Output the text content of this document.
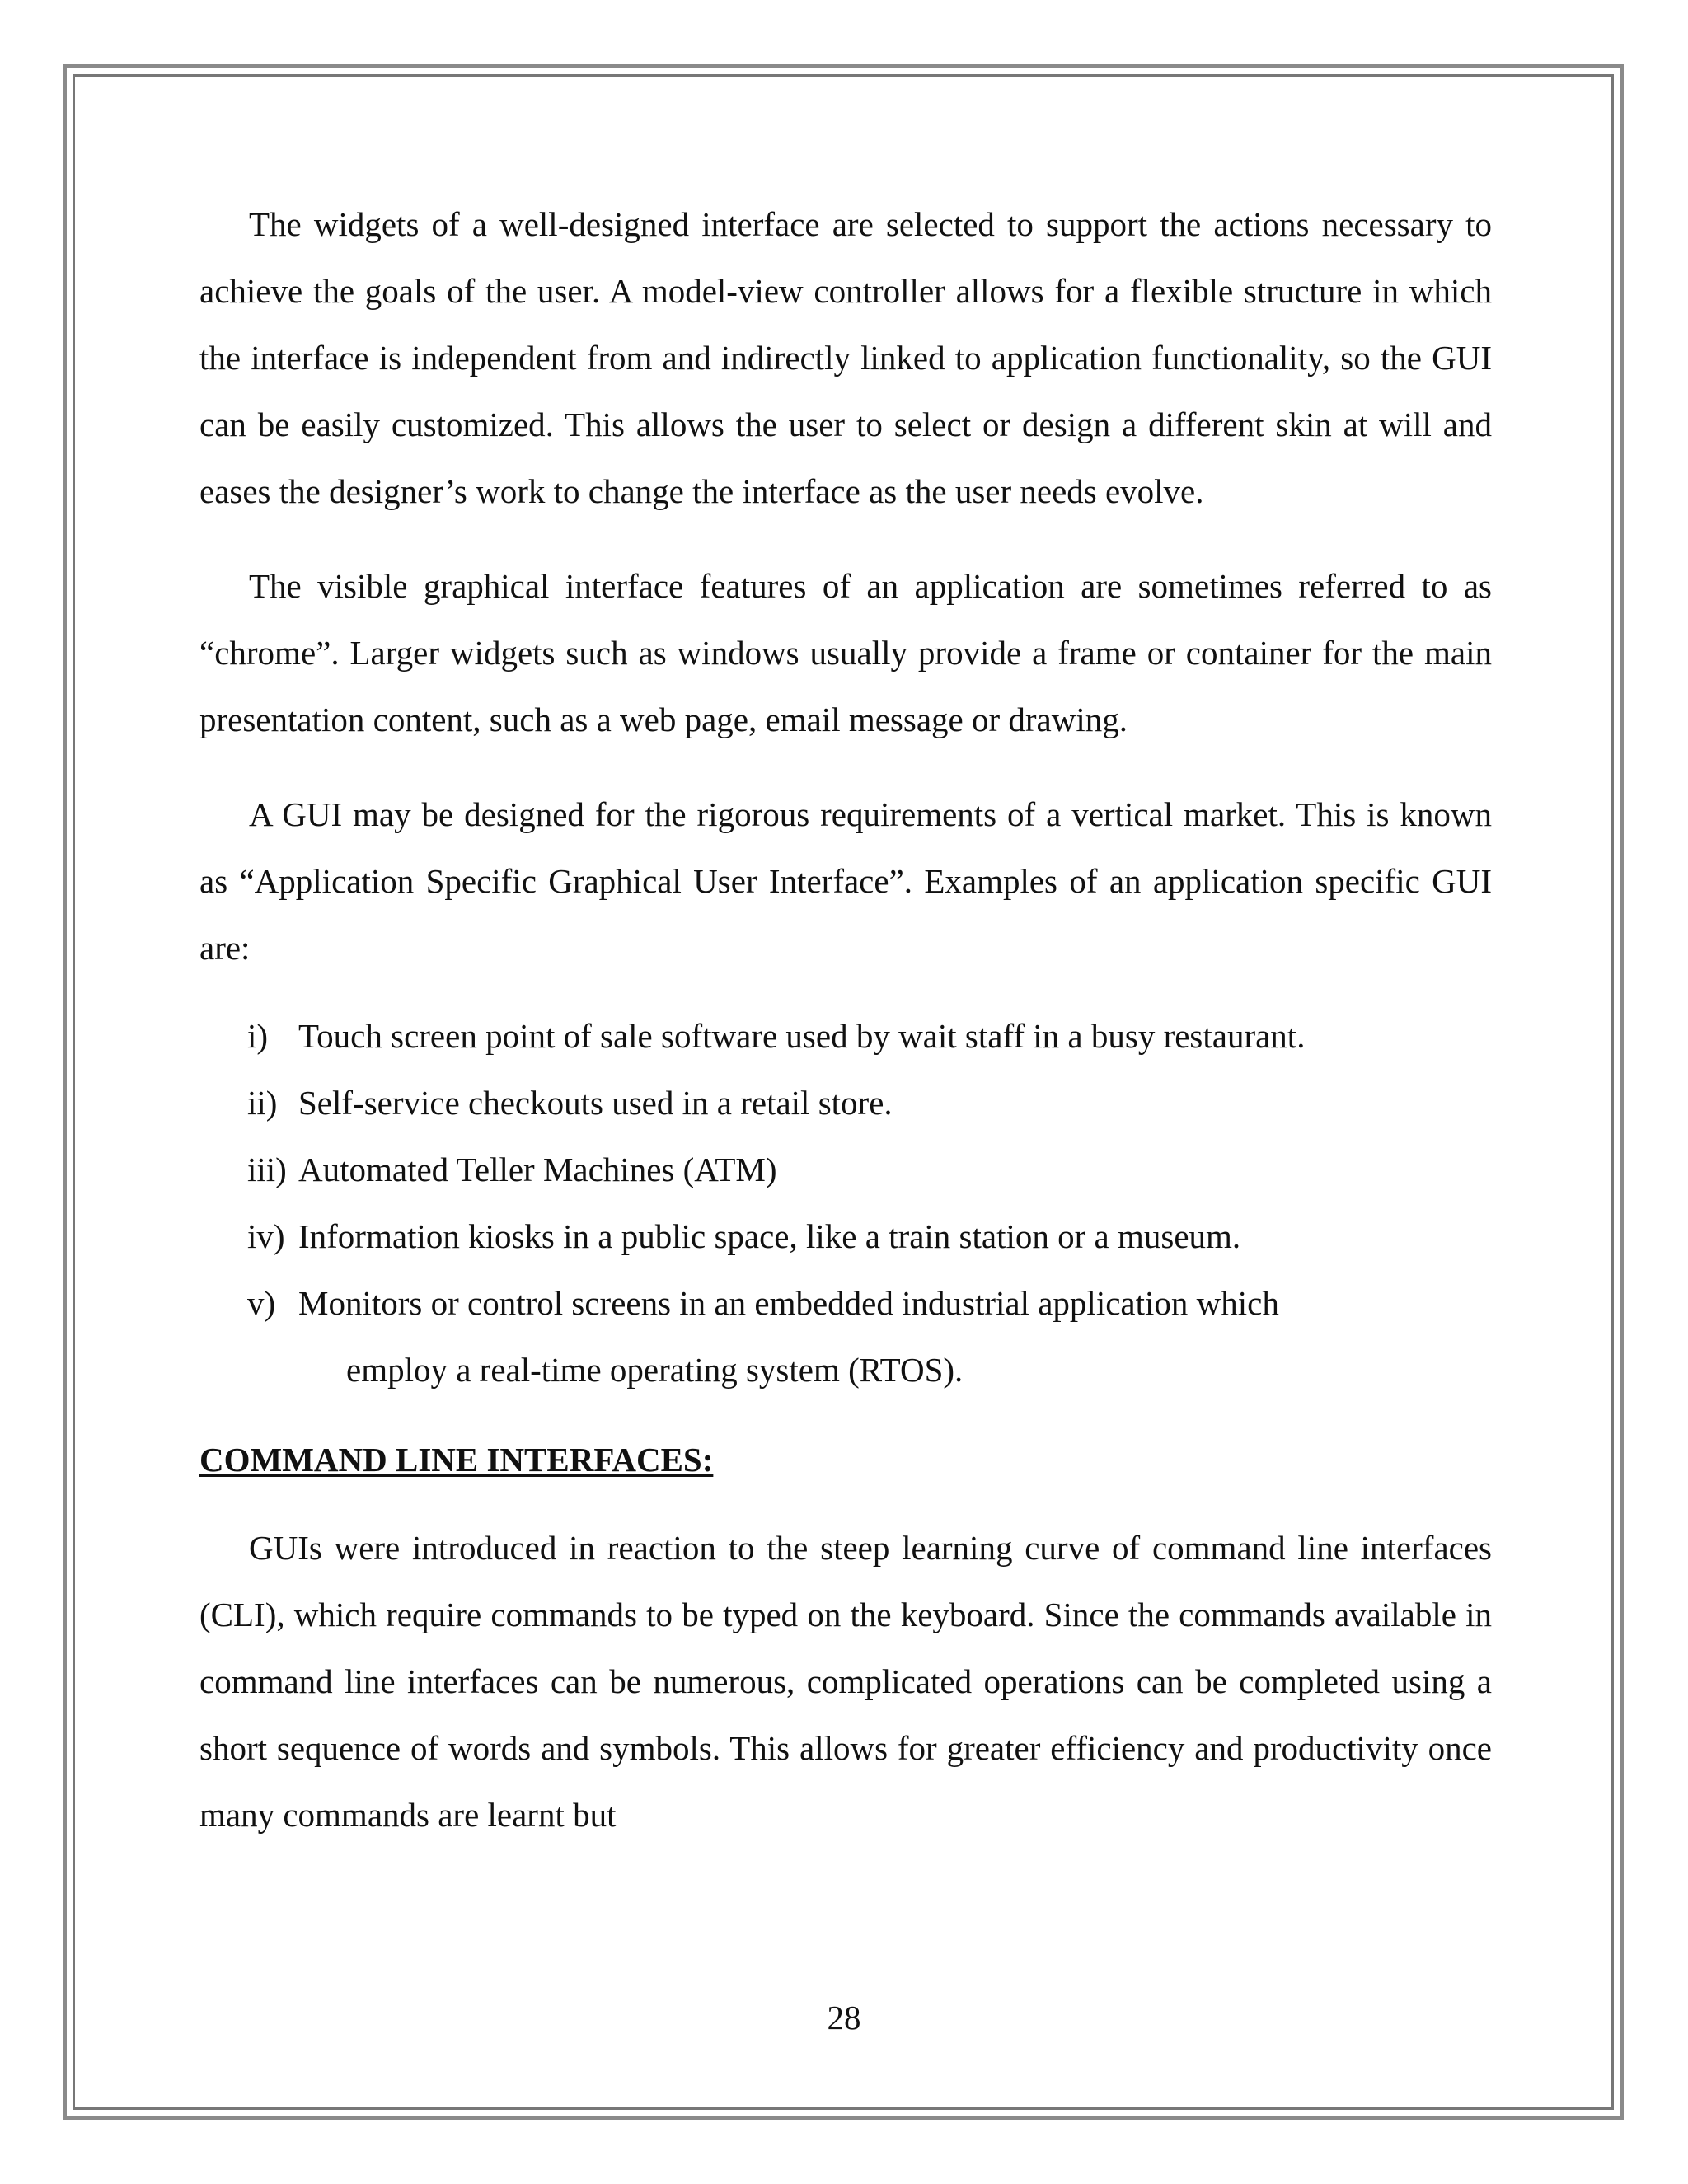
The widgets of a well-designed interface are selected to support the actions necessary to achieve the goals of the user. A model-view controller allows for a flexible structure in which the interface is independent from and indirectly linked to application functionality, so the GUI can be easily customized. This allows the user to select or design a different skin at will and eases the designer’s work to change the interface as the user needs evolve.

The visible graphical interface features of an application are sometimes referred to as “chrome”. Larger widgets such as windows usually provide a frame or container for the main presentation content, such as a web page, email message or drawing.

A GUI may be designed for the rigorous requirements of a vertical market. This is known as “Application Specific Graphical User Interface”. Examples of an application specific GUI are:

i) Touch screen point of sale software used by wait staff in a busy restaurant.
ii) Self-service checkouts used in a retail store.
iii) Automated Teller Machines (ATM)
iv) Information kiosks in a public space, like a train station or a museum.
v) Monitors or control screens in an embedded industrial application which
employ a real-time operating system (RTOS).
COMMAND LINE INTERFACES:

GUIs were introduced in reaction to the steep learning curve of command line interfaces (CLI), which require commands to be typed on the keyboard. Since the commands available in command line interfaces can be numerous, complicated operations can be completed using a short sequence of words and symbols. This allows for greater efficiency and productivity once many commands are learnt but

28
